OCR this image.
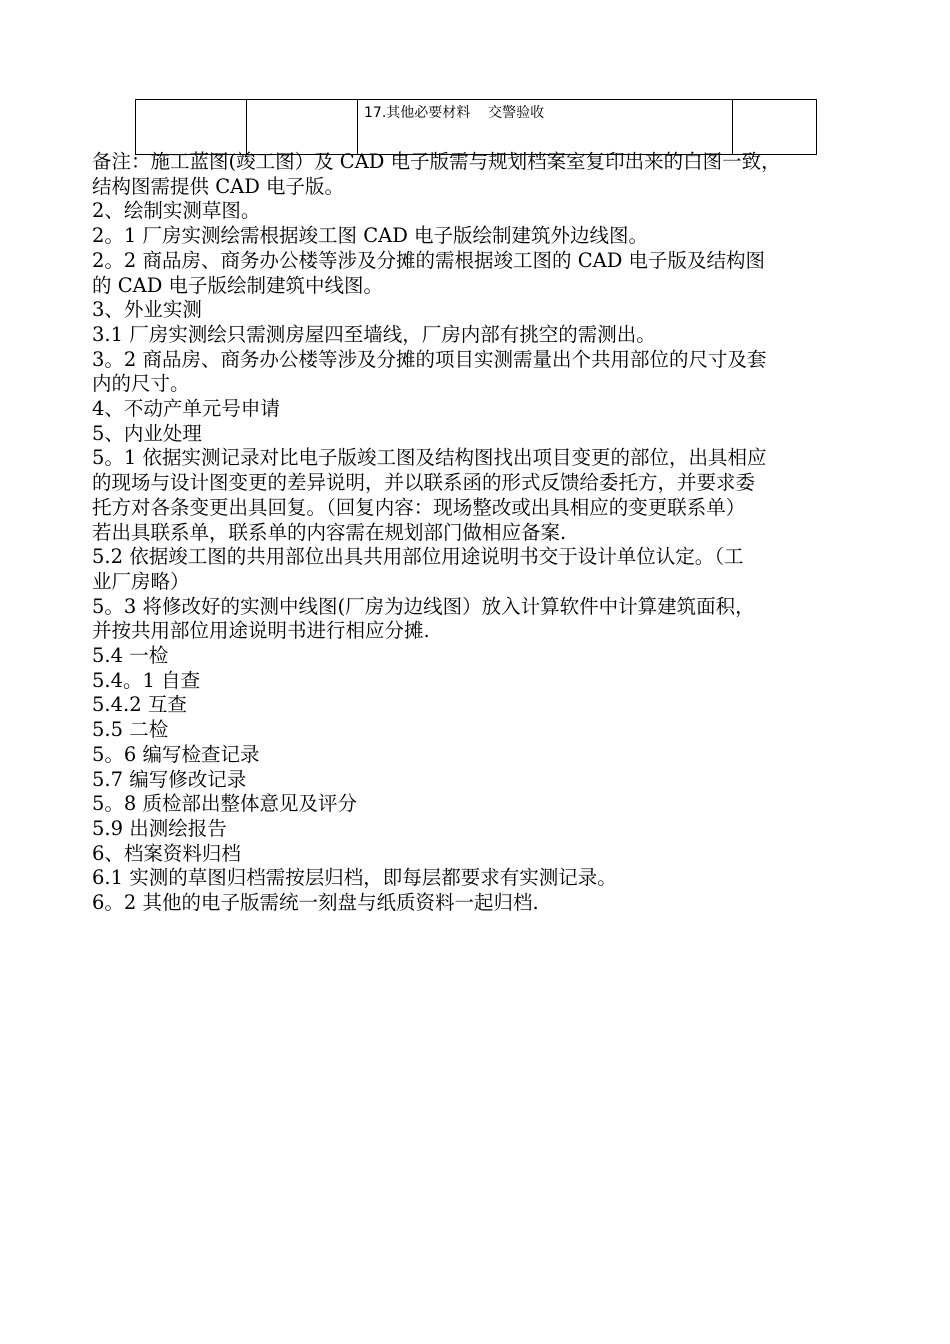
		17.其他必要材料    交警验收	

备注：施工蓝图(竣工图）及 CAD 电子版需与规划档案室复印出来的白图一致，

结构图需提供 CAD 电子版。

2、绘制实测草图。

2。1 厂房实测绘需根据竣工图 CAD 电子版绘制建筑外边线图。

2。2 商品房、商务办公楼等涉及分摊的需根据竣工图的 CAD 电子版及结构图

的 CAD 电子版绘制建筑中线图。

3、外业实测

3.1 厂房实测绘只需测房屋四至墙线，厂房内部有挑空的需测出。

3。2 商品房、商务办公楼等涉及分摊的项目实测需量出个共用部位的尺寸及套

内的尺寸。

4、不动产单元号申请

5、内业处理

5。1 依据实测记录对比电子版竣工图及结构图找出项目变更的部位，出具相应

的现场与设计图变更的差异说明，并以联系函的形式反馈给委托方，并要求委

托方对各条变更出具回复。（回复内容：现场整改或出具相应的变更联系单）

若出具联系单，联系单的内容需在规划部门做相应备案.

5.2 依据竣工图的共用部位出具共用部位用途说明书交于设计单位认定。（工

业厂房略）

5。3 将修改好的实测中线图(厂房为边线图）放入计算软件中计算建筑面积，

并按共用部位用途说明书进行相应分摊.

5.4 一检

5.4。1 自查

5.4.2 互查

5.5 二检

5。6 编写检查记录

5.7 编写修改记录

5。8 质检部出整体意见及评分

5.9 出测绘报告

6、档案资料归档

6.1 实测的草图归档需按层归档，即每层都要求有实测记录。

6。2 其他的电子版需统一刻盘与纸质资料一起归档.
